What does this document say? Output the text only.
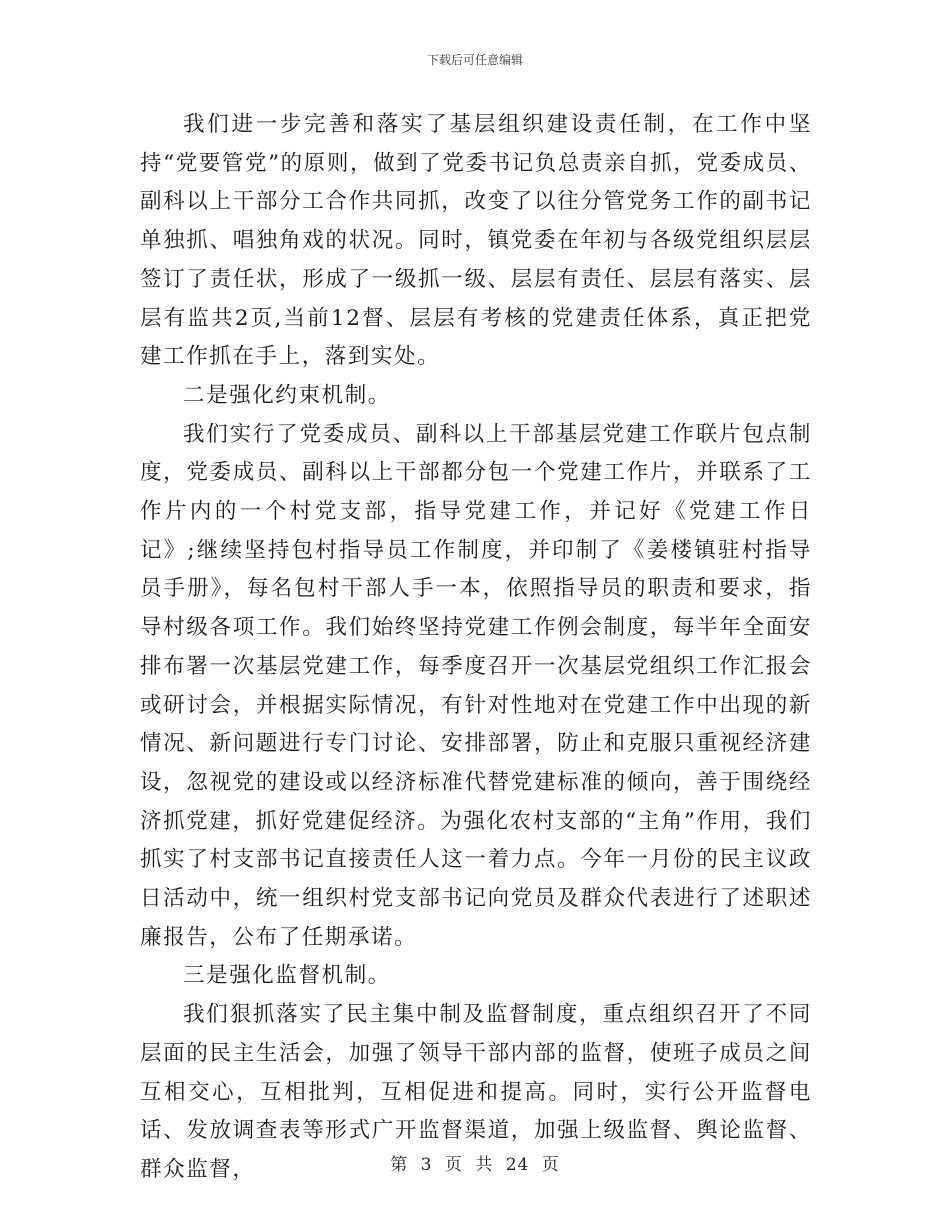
下载后可任意编辑

我们进一步完善和落实了基层组织建设责任制，在工作中坚持“党要管党”的原则，做到了党委书记负总责亲自抓，党委成员、副科以上干部分工合作共同抓，改变了以往分管党务工作的副书记单独抓、唱独角戏的状况。同时，镇党委在年初与各级党组织层层签订了责任状，形成了一级抓一级、层层有责任、层层有落实、层层有监共2页,当前12督、层层有考核的党建责任体系，真正把党建工作抓在手上，落到实处。

二是强化约束机制。

我们实行了党委成员、副科以上干部基层党建工作联片包点制度，党委成员、副科以上干部都分包一个党建工作片，并联系了工作片内的一个村党支部，指导党建工作，并记好《党建工作日记》;继续坚持包村指导员工作制度，并印制了《姜楼镇驻村指导员手册》，每名包村干部人手一本，依照指导员的职责和要求，指导村级各项工作。我们始终坚持党建工作例会制度，每半年全面安排布署一次基层党建工作，每季度召开一次基层党组织工作汇报会或研讨会，并根据实际情况，有针对性地对在党建工作中出现的新情况、新问题进行专门讨论、安排部署，防止和克服只重视经济建设，忽视党的建设或以经济标准代替党建标准的倾向，善于围绕经济抓党建，抓好党建促经济。为强化农村支部的“主角”作用，我们抓实了村支部书记直接责任人这一着力点。今年一月份的民主议政日活动中，统一组织村党支部书记向党员及群众代表进行了述职述廉报告，公布了任期承诺。

三是强化监督机制。

我们狠抓落实了民主集中制及监督制度，重点组织召开了不同层面的民主生活会，加强了领导干部内部的监督，使班子成员之间互相交心，互相批判，互相促进和提高。同时，实行公开监督电话、发放调查表等形式广开监督渠道，加强上级监督、舆论监督、群众监督，	第 3 页 共 24 页
